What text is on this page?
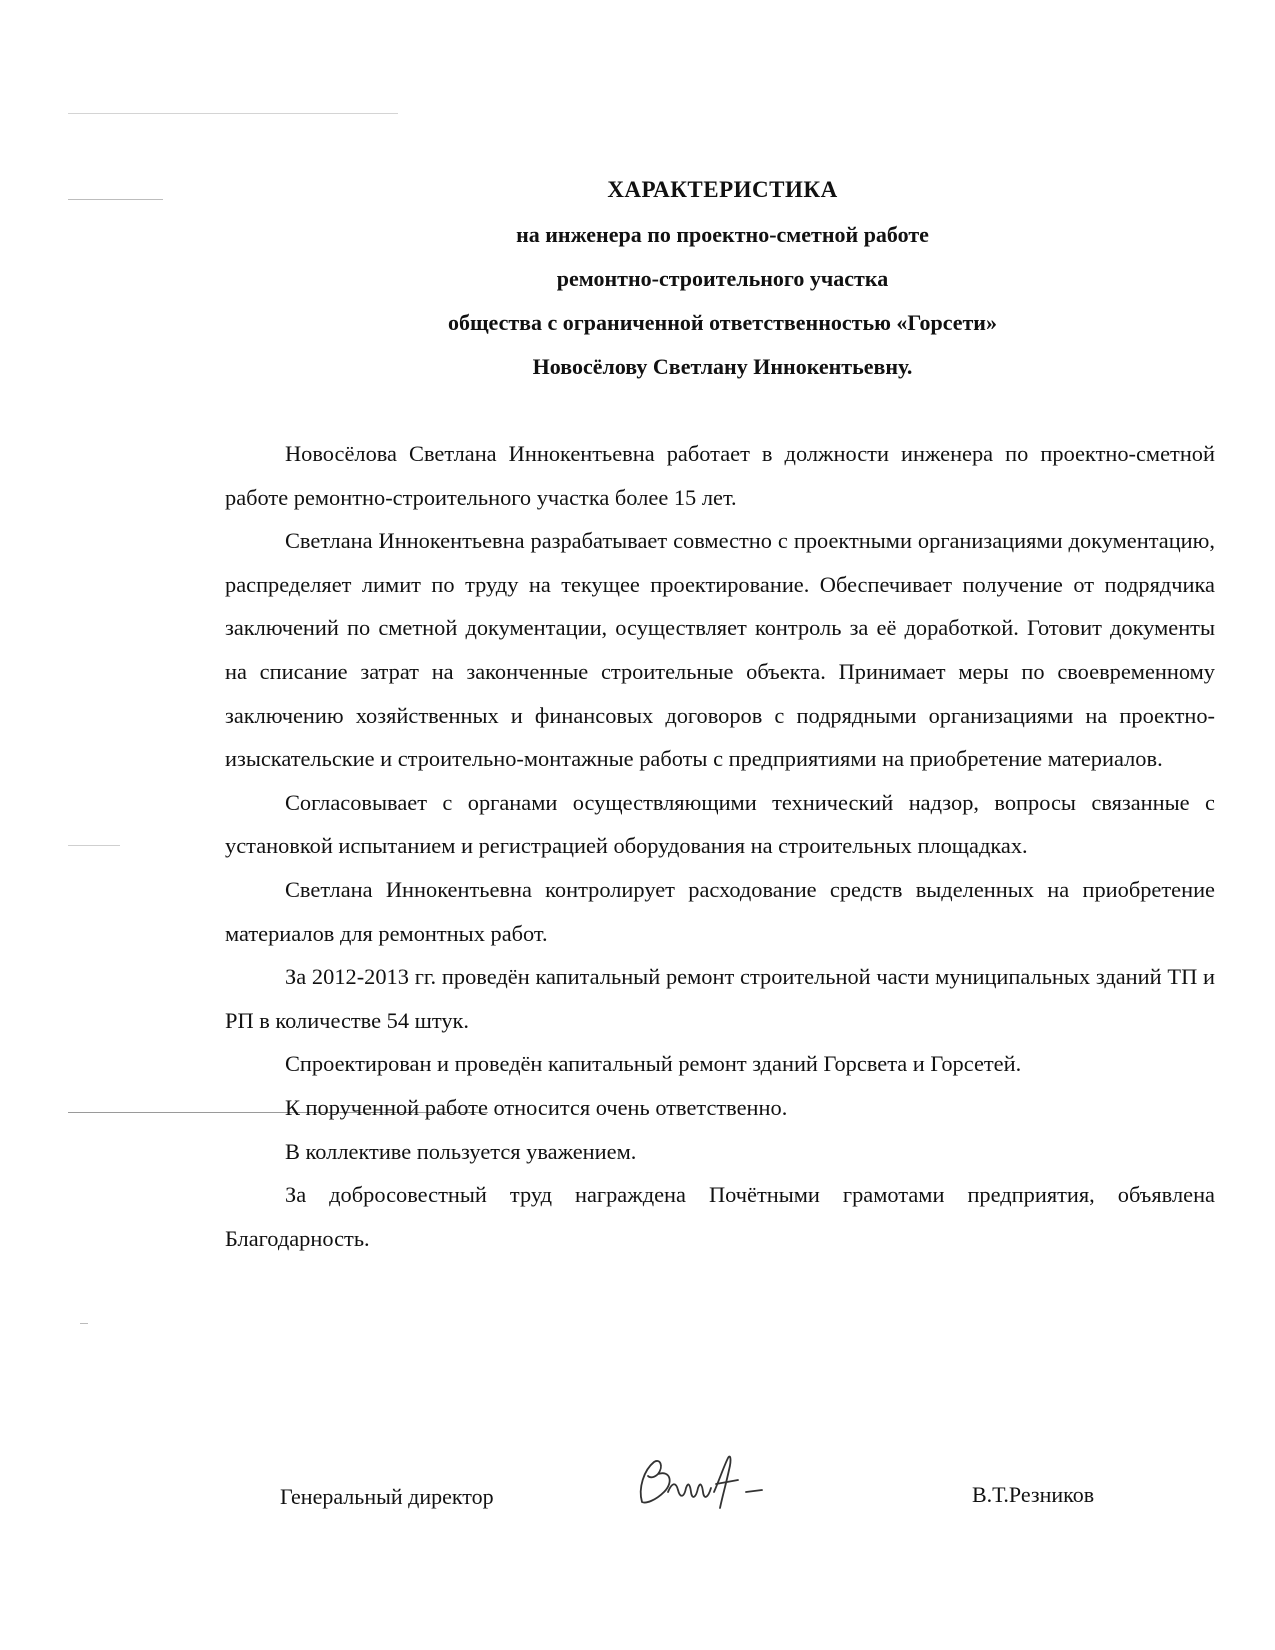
ХАРАКТЕРИСТИКА
на инженера по проектно-сметной работе
ремонтно-строительного участка
общества с ограниченной ответственностью «Горсети»
Новосёлову Светлану Иннокентьевну.

Новосёлова Светлана Иннокентьевна работает в должности инженера по проектно-сметной работе ремонтно-строительного участка более 15 лет.

Светлана Иннокентьевна разрабатывает совместно с проектными организациями документацию, распределяет лимит по труду на текущее проектирование. Обеспечивает получение от подрядчика заключений по сметной документации, осуществляет контроль за её доработкой. Готовит документы на списание затрат на законченные строительные объекта. Принимает меры по своевременному заключению хозяйственных и финансовых договоров с подрядными организациями на проектно-изыскательские и строительно-монтажные работы с предприятиями на приобретение материалов.

Согласовывает с органами осуществляющими технический надзор, вопросы связанные с установкой испытанием и регистрацией оборудования на строительных площадках.

Светлана Иннокентьевна контролирует расходование средств выделенных на приобретение материалов для ремонтных работ.

За 2012-2013 гг. проведён капитальный ремонт строительной части муниципальных зданий ТП и РП в количестве 54 штук.

Спроектирован и проведён капитальный ремонт зданий Горсвета и Горсетей.

К порученной работе относится очень ответственно.

В коллективе пользуется уважением.

За добросовестный труд награждена Почётными грамотами предприятия, объявлена Благодарность.

Генеральный директор	В.Т.Резников
